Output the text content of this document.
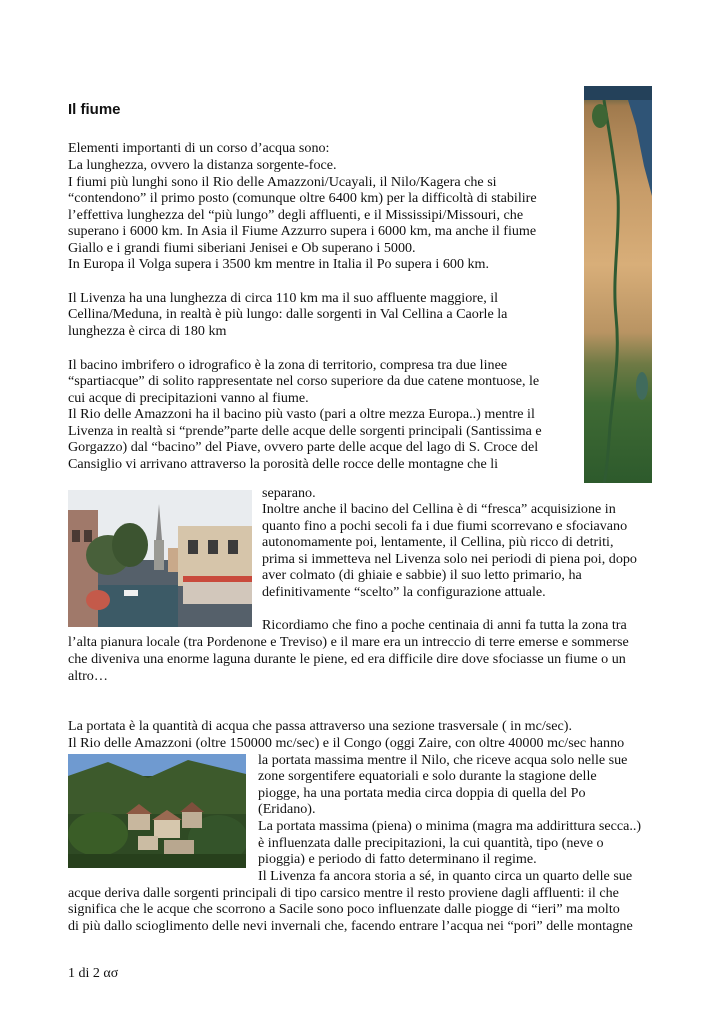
Il fiume
Elementi importanti di un corso d’acqua sono:
La lunghezza, ovvero la distanza sorgente-foce.
I fiumi più lunghi sono il Rio delle Amazzoni/Ucayali, il Nilo/Kagera che si
“contendono” il primo posto (comunque oltre 6400 km) per la difficoltà di stabilire
l’effettiva lunghezza del “più lungo” degli affluenti, e il Mississipi/Missouri, che
superano i 6000 km. In Asia il Fiume Azzurro supera i 6000 km, ma anche il fiume
Giallo e i grandi fiumi siberiani Jenisei e Ob superano i 5000.
In Europa il Volga supera i 3500 km mentre in Italia il Po supera i 600 km.
Il Livenza ha una lunghezza di circa 110 km ma il suo affluente maggiore, il
Cellina/Meduna, in realtà è più lungo: dalle sorgenti in Val Cellina a Caorle la
lunghezza è circa di 180 km
Il bacino imbrifero o idrografico è la zona di territorio, compresa tra due linee
“spartiacque” di solito rappresentate nel corso superiore da due catene montuose, le
cui acque di precipitazioni vanno al fiume.
Il Rio delle Amazzoni ha il bacino più vasto (pari a oltre mezza Europa..) mentre il
Livenza in realtà si “prende”parte delle acque delle sorgenti principali (Santissima e
Gorgazzo) dal “bacino” del Piave, ovvero parte delle acque del lago di S. Croce del
Cansiglio vi arrivano attraverso la porosità delle rocce delle montagne che li
separano.
Inoltre anche il bacino del Cellina è di “fresca” acquisizione in
quanto fino a pochi secoli fa i due fiumi scorrevano e sfociavano
autonomamente poi, lentamente, il Cellina, più ricco di detriti,
prima si immetteva nel Livenza solo nei periodi di piena poi, dopo
aver colmato (di ghiaie e sabbie) il suo letto primario, ha
definitivamente “scelto” la configurazione attuale.
Ricordiamo che fino a poche centinaia di anni fa tutta la zona tra
l’alta pianura locale (tra Pordenone e Treviso) e il mare era un intreccio di terre emerse e sommerse
che diveniva una enorme laguna durante le piene, ed era difficile dire dove sfociasse un fiume o un
altro…
La portata è la quantità di acqua che passa attraverso una sezione trasversale ( in mc/sec).
Il Rio delle Amazzoni (oltre 150000 mc/sec) e il Congo (oggi Zaire, con oltre 40000 mc/sec hanno
la portata massima mentre il Nilo, che riceve acqua solo nelle sue
zone sorgentifere equatoriali e solo durante la stagione delle
piogge, ha una portata media circa doppia di quella del Po
(Eridano).
La portata massima (piena) o minima (magra ma addirittura secca..)
è influenzata dalle precipitazioni, la cui quantità, tipo (neve o
pioggia) e periodo di fatto determinano il regime.
Il Livenza fa ancora storia a sé, in quanto circa un quarto delle sue
acque deriva dalle sorgenti principali di tipo carsico mentre il resto proviene dagli affluenti: il che
significa che le acque che scorrono a Sacile sono poco influenzate dalle piogge di “ieri” ma molto
di più dallo scioglimento delle nevi invernali che, facendo entrare l’acqua nei “pori” delle montagne
1 di 2 ασ
